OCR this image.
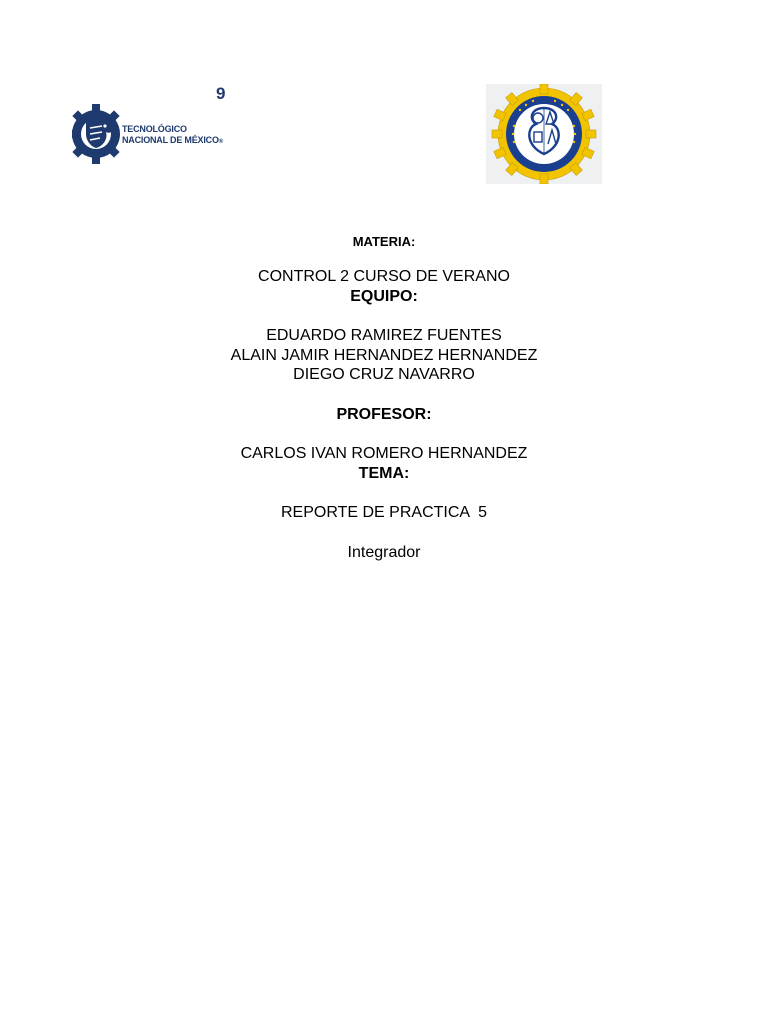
9
TECNOLÓGICO
NACIONAL DE MÉXICO®

MATERIA:

CONTROL 2 CURSO DE VERANO

EQUIPO:

EDUARDO RAMIREZ FUENTES

ALAIN JAMIR HERNANDEZ HERNANDEZ

DIEGO CRUZ NAVARRO

PROFESOR:

CARLOS IVAN ROMERO HERNANDEZ

TEMA:

REPORTE DE PRACTICA  5

Integrador
